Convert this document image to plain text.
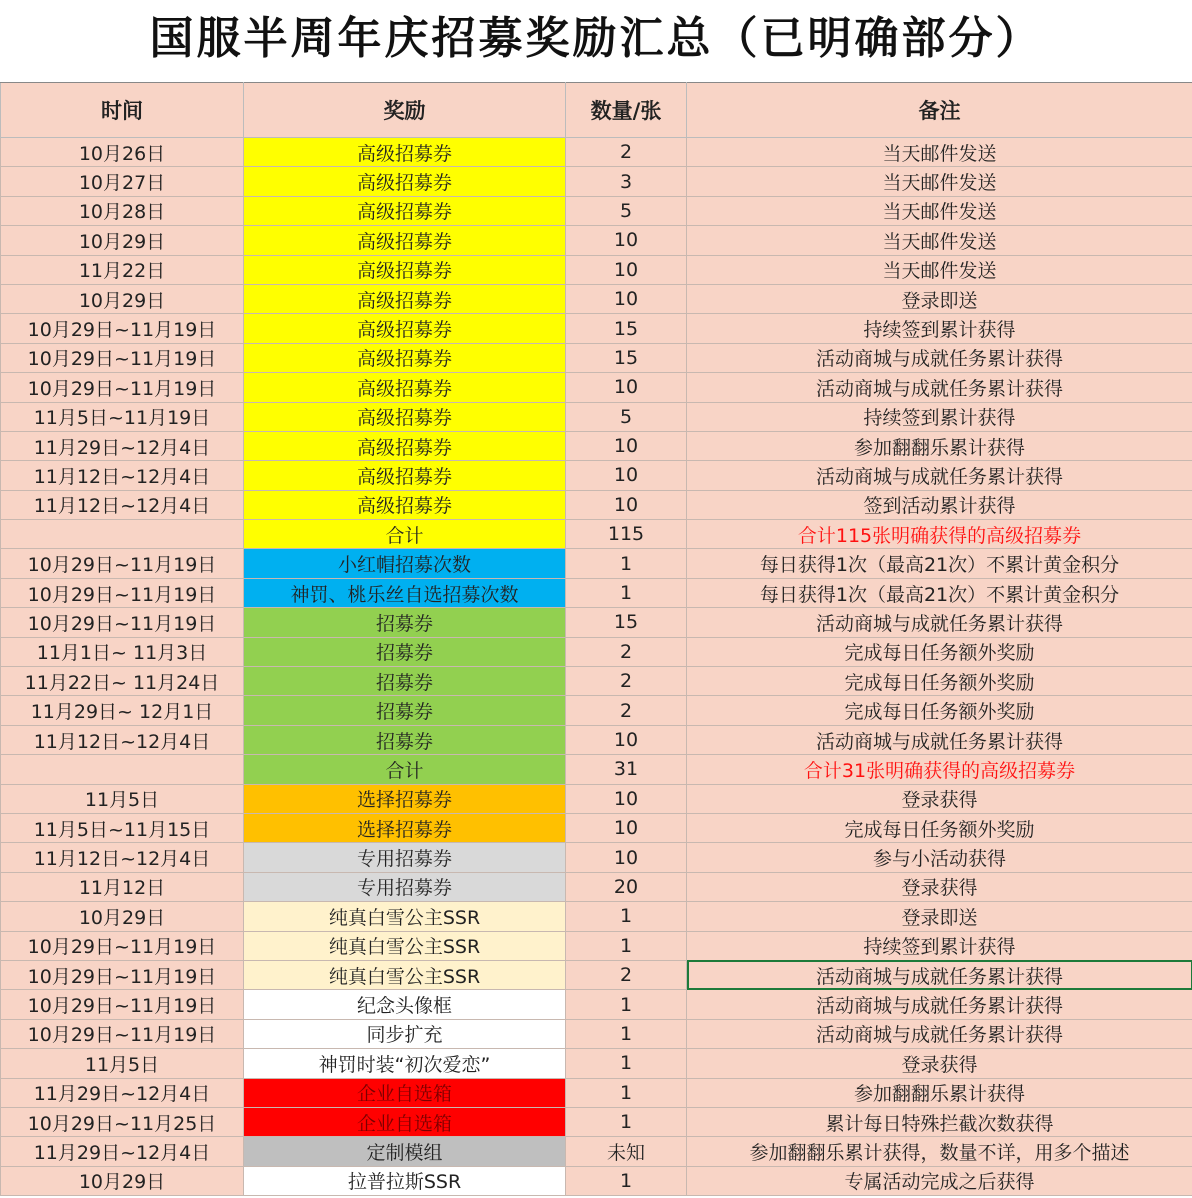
国服半周年庆招募奖励汇总（已明确部分）
时间	奖励	数量/张	备注
10月26日	高级招募券	2	当天邮件发送
10月27日	高级招募券	3	当天邮件发送
10月28日	高级招募券	5	当天邮件发送
10月29日	高级招募券	10	当天邮件发送
11月22日	高级招募券	10	当天邮件发送
10月29日	高级招募券	10	登录即送
10月29日~11月19日	高级招募券	15	持续签到累计获得
10月29日~11月19日	高级招募券	15	活动商城与成就任务累计获得
10月29日~11月19日	高级招募券	10	活动商城与成就任务累计获得
11月5日~11月19日	高级招募券	5	持续签到累计获得
11月29日~12月4日	高级招募券	10	参加翻翻乐累计获得
11月12日~12月4日	高级招募券	10	活动商城与成就任务累计获得
11月12日~12月4日	高级招募券	10	签到活动累计获得
	合计	115	合计115张明确获得的高级招募券
10月29日~11月19日	小红帽招募次数	1	每日获得1次（最高21次）不累计黄金积分
10月29日~11月19日	神罚、桃乐丝自选招募次数	1	每日获得1次（最高21次）不累计黄金积分
10月29日~11月19日	招募券	15	活动商城与成就任务累计获得
11月1日~ 11月3日	招募券	2	完成每日任务额外奖励
11月22日~ 11月24日	招募券	2	完成每日任务额外奖励
11月29日~ 12月1日	招募券	2	完成每日任务额外奖励
11月12日~12月4日	招募券	10	活动商城与成就任务累计获得
	合计	31	合计31张明确获得的高级招募券
11月5日	选择招募券	10	登录获得
11月5日~11月15日	选择招募券	10	完成每日任务额外奖励
11月12日~12月4日	专用招募券	10	参与小活动获得
11月12日	专用招募券	20	登录获得
10月29日	纯真白雪公主SSR	1	登录即送
10月29日~11月19日	纯真白雪公主SSR	1	持续签到累计获得
10月29日~11月19日	纯真白雪公主SSR	2	活动商城与成就任务累计获得
10月29日~11月19日	纪念头像框	1	活动商城与成就任务累计获得
10月29日~11月19日	同步扩充	1	活动商城与成就任务累计获得
11月5日	神罚时装“初次爱恋”	1	登录获得
11月29日~12月4日	企业自选箱	1	参加翻翻乐累计获得
10月29日~11月25日	企业自选箱	1	累计每日特殊拦截次数获得
11月29日~12月4日	定制模组	未知	参加翻翻乐累计获得，数量不详，用多个描述
10月29日	拉普拉斯SSR	1	专属活动完成之后获得
